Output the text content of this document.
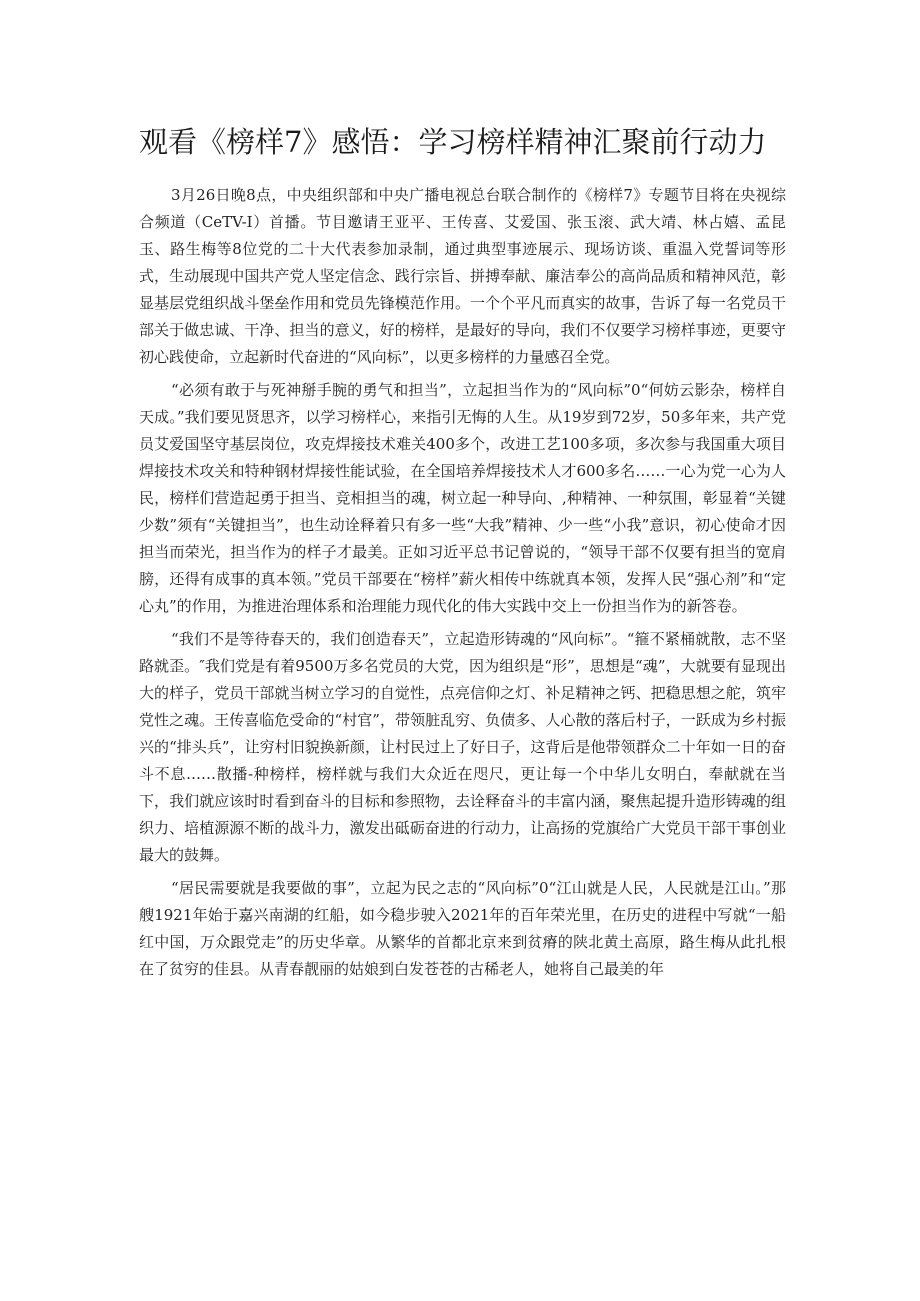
观看《榜样7》感悟：学习榜样精神汇聚前行动力

3月26日晚8点，中央组织部和中央广播电视总台联合制作的《榜样7》专题节目将在央视综合频道（CeTV-I）首播。节目邀请王亚平、王传喜、艾爱国、张玉滚、武大靖、林占嬉、孟昆玉、路生梅等8位党的二十大代表参加录制，通过典型事迹展示、现场访谈、重温入党誓词等形式，生动展现中国共产党人坚定信念、践行宗旨、拼搏奉献、廉洁奉公的高尚品质和精神风范，彰显基层党组织战斗堡垒作用和党员先锋模范作用。一个个平凡而真实的故事，告诉了每一名党员干部关于做忠诚、干净、担当的意义，好的榜样，是最好的导向，我们不仅要学习榜样事迹，更要守初心践使命，立起新时代奋进的“风向标”，以更多榜样的力量感召全党。

“必须有敢于与死神掰手腕的勇气和担当”，立起担当作为的“风向标”0“何妨云影杂，榜样自天成。”我们要见贤思齐，以学习榜样心，来指引无悔的人生。从19岁到72岁，50多年来，共产党员艾爱国坚守基层岗位，攻克焊接技术难关400多个，改进工艺100多项，多次参与我国重大项目焊接技术攻关和特种钢材焊接性能试验，在全国培养焊接技术人才600多名……一心为党一心为人民，榜样们营造起勇于担当、竞相担当的魂，树立起一种导向、,种精神、一种氛围，彰显着“关键少数”须有“关键担当”，也生动诠释着只有多一些“大我”精神、少一些“小我”意识，初心使命才因担当而荣光，担当作为的样子才最美。正如习近平总书记曾说的，“领导干部不仅要有担当的宽肩膀，还得有成事的真本领。”党员干部要在“榜样”薪火相传中练就真本领，发挥人民“强心剂”和“定心丸”的作用，为推进治理体系和治理能力现代化的伟大实践中交上一份担当作为的新答卷。

“我们不是等待春天的，我们创造春天”，立起造形铸魂的“风向标”。“箍不紧桶就散，志不坚路就歪。″我们党是有着9500万多名党员的大党，因为组织是“形”，思想是“魂”，大就要有显现出大的样子，党员干部就当树立学习的自觉性，点亮信仰之灯、补足精神之钙、把稳思想之舵，筑牢党性之魂。王传喜临危受命的“村官”，带领脏乱穷、负债多、人心散的落后村子，一跃成为乡村振兴的“排头兵”，让穷村旧貌换新颜，让村民过上了好日子，这背后是他带领群众二十年如一日的奋斗不息……散播-种榜样，榜样就与我们大众近在咫尺，更让每一个中华儿女明白，奉献就在当下，我们就应该时时看到奋斗的目标和参照物，去诠释奋斗的丰富内涵，聚焦起提升造形铸魂的组织力、培植源源不断的战斗力，激发出砥砺奋进的行动力，让高扬的党旗给广大党员干部干事创业最大的鼓舞。

“居民需要就是我要做的事”，立起为民之志的“风向标”0“江山就是人民，人民就是江山。”那艘1921年始于嘉兴南湖的红船，如今稳步驶入2021年的百年荣光里，在历史的进程中写就“一船红中国，万众跟党走”的历史华章。从繁华的首都北京来到贫瘠的陕北黄土高原，路生梅从此扎根在了贫穷的佳县。从青春靓丽的姑娘到白发苍苍的古稀老人，她将自己最美的年
